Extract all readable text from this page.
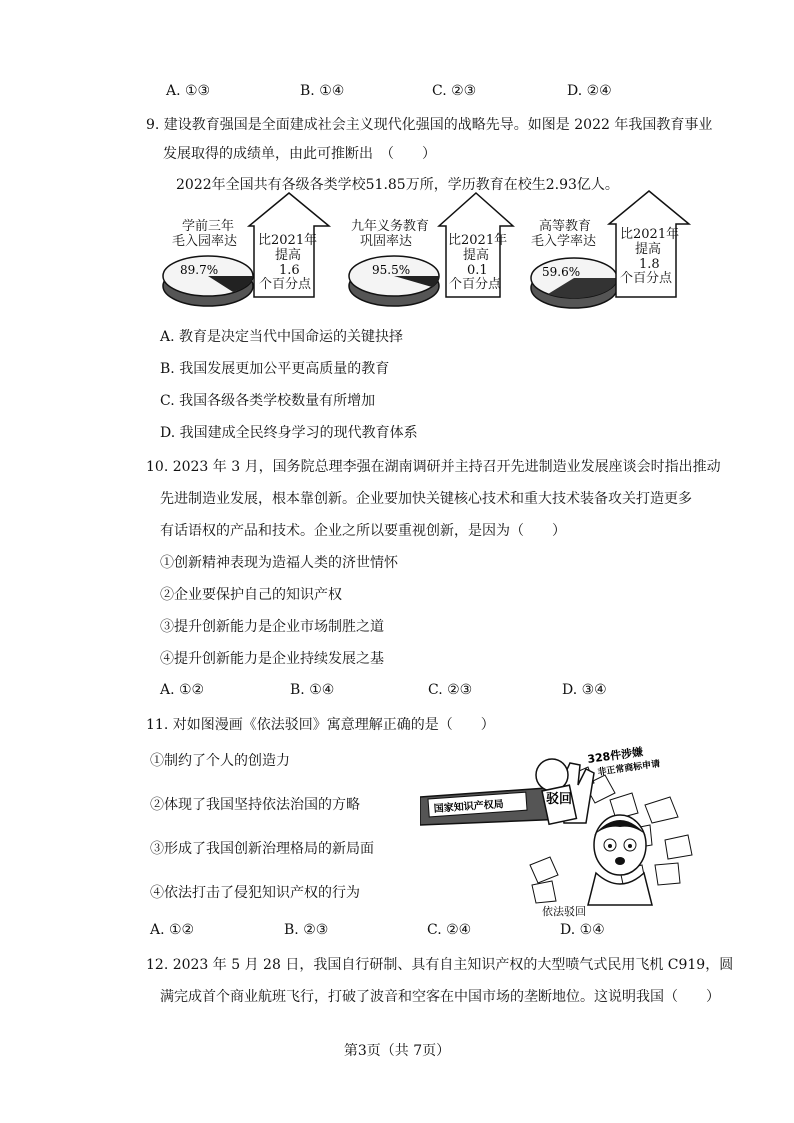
A. ①③	B. ①④	C. ②③	D. ②④
9. 建设教育强国是全面建成社会主义现代化强国的战略先导。如图是 2022 年我国教育事业
发展取得的成绩单，由此可推断出　（　　）
2022年全国共有各级各类学校51.85万所，学历教育在校生2.93亿人。
学前三年
毛入园率达
89.7%
比2021年
提高
1.6
个百分点
九年义务教育
巩固率达
95.5%
比2021年
提高
0.1
个百分点
高等教育
毛入学率达
59.6%
比2021年
提高
1.8
个百分点
A. 教育是决定当代中国命运的关键抉择
B. 我国发展更加公平更高质量的教育
C. 我国各级各类学校数量有所增加
D. 我国建成全民终身学习的现代教育体系
10. 2023 年 3 月，国务院总理李强在湖南调研并主持召开先进制造业发展座谈会时指出推动
先进制造业发展，根本靠创新。企业要加快关键核心技术和重大技术装备攻关打造更多
有话语权的产品和技术。企业之所以要重视创新，是因为（　　）
①创新精神表现为造福人类的济世情怀
②企业要保护自己的知识产权
③提升创新能力是企业市场制胜之道
④提升创新能力是企业持续发展之基
A. ①②	B. ①④	C. ②③	D. ③④
11. 对如图漫画《依法驳回》寓意理解正确的是（　　）
①制约了个人的创造力
②体现了我国坚持依法治国的方略
③形成了我国创新治理格局的新局面
④依法打击了侵犯知识产权的行为
A. ①②	B. ②③	C. ②④	D. ①④
328件涉嫌
非正常商标申请
国家知识产权局	驳回
依法驳回
12. 2023 年 5 月 28 日，我国自行研制、具有自主知识产权的大型喷气式民用飞机 C919，圆
满完成首个商业航班飞行，打破了波音和空客在中国市场的垄断地位。这说明我国（　　）
第3页（共 7页）
